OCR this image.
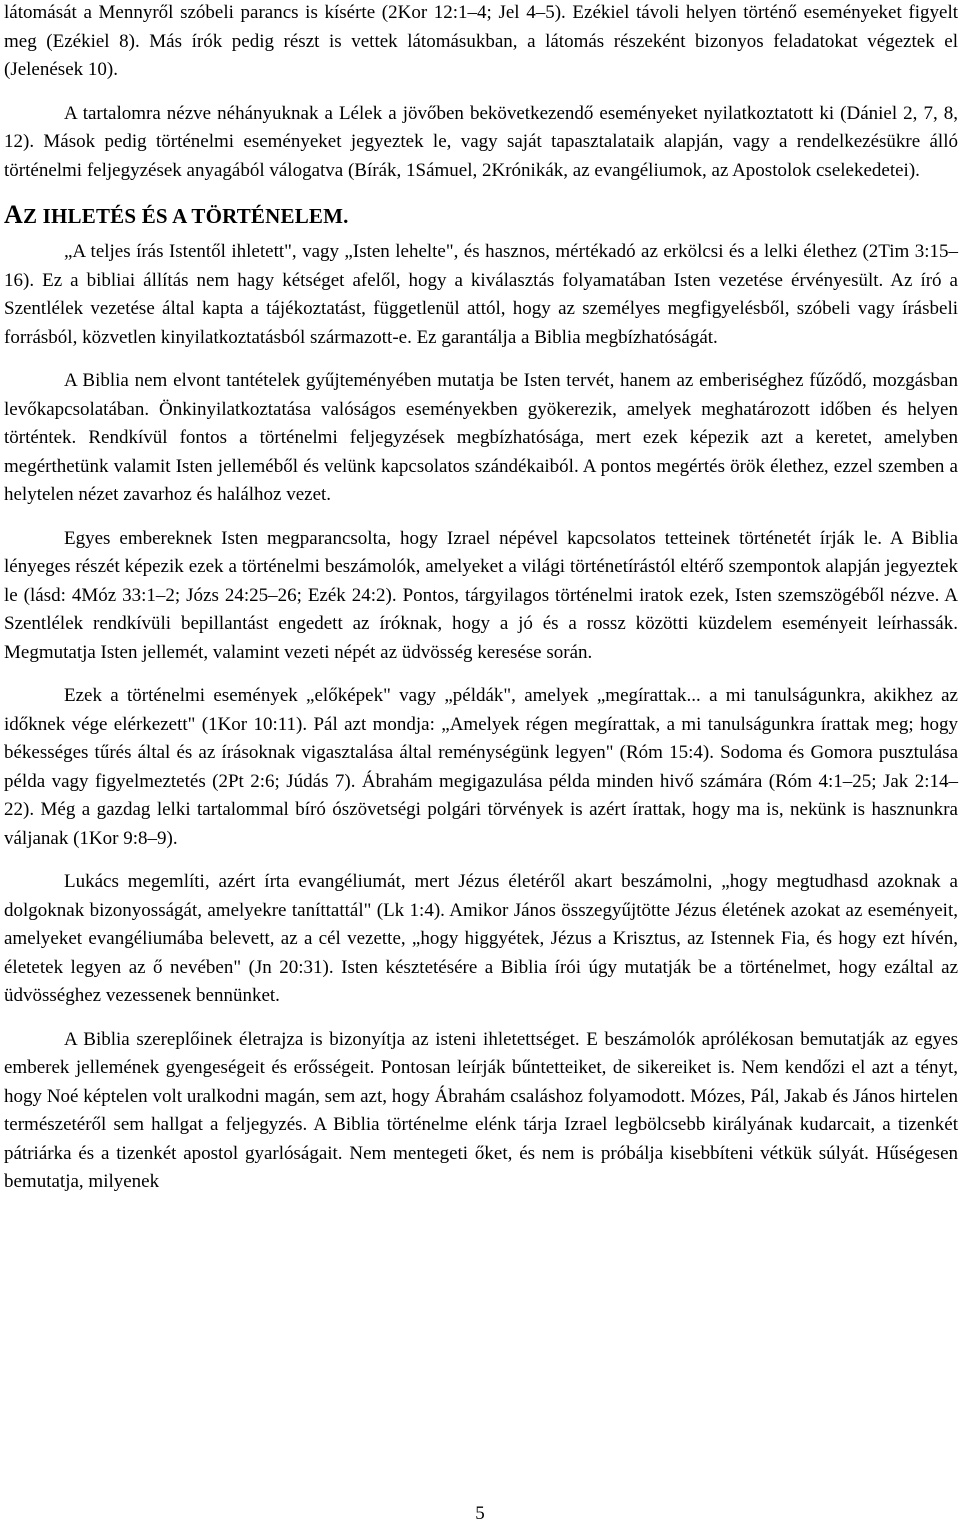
látomását a Mennyről szóbeli parancs is kísérte (2Kor 12:1–4; Jel 4–5). Ezékiel távoli helyen történő eseményeket figyelt meg (Ezékiel 8). Más írók pedig részt is vettek látomásukban, a látomás részeként bizonyos feladatokat végeztek el (Jelenések 10).

A tartalomra nézve néhányuknak a Lélek a jövőben bekövetkezendő eseményeket nyilatkoztatott ki (Dániel 2, 7, 8, 12). Mások pedig történelmi eseményeket jegyeztek le, vagy saját tapasztalataik alapján, vagy a rendelkezésükre álló történelmi feljegyzések anyagából válogatva (Bírák, 1Sámuel, 2Krónikák, az evangéliumok, az Apostolok cselekedetei).

AZ IHLETÉS ÉS A TÖRTÉNELEM.

„A teljes írás Istentől ihletett", vagy „Isten lehelte", és hasznos, mértékadó az erkölcsi és a lelki élethez (2Tim 3:15–16). Ez a bibliai állítás nem hagy kétséget afelől, hogy a kiválasztás folyamatában Isten vezetése érvényesült. Az író a Szentlélek vezetése által kapta a tájékoztatást, függetlenül attól, hogy az személyes megfigyelésből, szóbeli vagy írásbeli forrásból, közvetlen kinyilatkoztatásból származott-e. Ez garantálja a Biblia megbízhatóságát.

A Biblia nem elvont tantételek gyűjteményében mutatja be Isten tervét, hanem az emberiséghez fűződő, mozgásban levőkapcsolatában. Önkinyilatkoztatása valóságos eseményekben gyökerezik, amelyek meghatározott időben és helyen történtek. Rendkívül fontos a történelmi feljegyzések megbízhatósága, mert ezek képezik azt a keretet, amelyben megérthetünk valamit Isten jelleméből és velünk kapcsolatos szándékaiból. A pontos megértés örök élethez, ezzel szemben a helytelen nézet zavarhoz és halálhoz vezet.

Egyes embereknek Isten megparancsolta, hogy Izrael népével kapcsolatos tetteinek történetét írják le. A Biblia lényeges részét képezik ezek a történelmi beszámolók, amelyeket a világi történetírástól eltérő szempontok alapján jegyeztek le (lásd: 4Móz 33:1–2; Józs 24:25–26; Ezék 24:2). Pontos, tárgyilagos történelmi iratok ezek, Isten szemszögéből nézve. A Szentlélek rendkívüli bepillantást engedett az íróknak, hogy a jó és a rossz közötti küzdelem eseményeit leírhassák. Megmutatja Isten jellemét, valamint vezeti népét az üdvösség keresése során.

Ezek a történelmi események „előképek" vagy „példák", amelyek „megírattak... a mi tanulságunkra, akikhez az időknek vége elérkezett" (1Kor 10:11). Pál azt mondja: „Amelyek régen megírattak, a mi tanulságunkra írattak meg; hogy békességes tűrés által és az írásoknak vigasztalása által reménységünk legyen" (Róm 15:4). Sodoma és Gomora pusztulása példa vagy figyelmeztetés (2Pt 2:6; Júdás 7). Ábrahám megigazulása példa minden hivő számára (Róm 4:1–25; Jak 2:14–22). Még a gazdag lelki tartalommal bíró ószövetségi polgári törvények is azért írattak, hogy ma is, nekünk is hasznunkra váljanak (1Kor 9:8–9).

Lukács megemlíti, azért írta evangéliumát, mert Jézus életéről akart beszámolni, „hogy megtudhasd azoknak a dolgoknak bizonyosságát, amelyekre taníttattál" (Lk 1:4). Amikor János összegyűjtötte Jézus életének azokat az eseményeit, amelyeket evangéliumába belevett, az a cél vezette, „hogy higgyétek, Jézus a Krisztus, az Istennek Fia, és hogy ezt hívén, életetek legyen az ő nevében" (Jn 20:31). Isten késztetésére a Biblia írói úgy mutatják be a történelmet, hogy ezáltal az üdvösséghez vezessenek bennünket.

A Biblia szereplőinek életrajza is bizonyítja az isteni ihletettséget. E beszámolók aprólékosan bemutatják az egyes emberek jellemének gyengeségeit és erősségeit. Pontosan leírják bűntetteiket, de sikereiket is. Nem kendőzi el azt a tényt, hogy Noé képtelen volt uralkodni magán, sem azt, hogy Ábrahám csaláshoz folyamodott. Mózes, Pál, Jakab és János hirtelen természetéről sem hallgat a feljegyzés. A Biblia történelme elénk tárja Izrael legbölcsebb királyának kudarcait, a tizenkét pátriárka és a tizenkét apostol gyarlóságait. Nem mentegeti őket, és nem is próbálja kisebbíteni vétkük súlyát. Hűségesen bemutatja, milyenek

5
